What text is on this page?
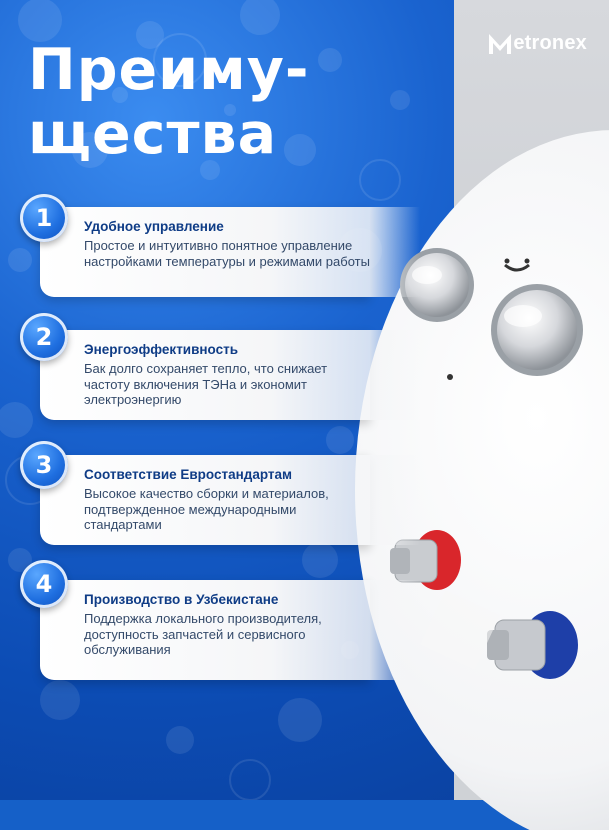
etronex
Преиму-
щества
Удобное управление
Простое и интуитивно понятное управление настройками температуры и режимами работы
1
Энергоэффективность
Бак долго сохраняет тепло, что снижает частоту включения ТЭНа и экономит электроэнергию
2
Соответствие Евростандартам
Высокое качество сборки и материалов, подтвержденное международными стандартами
3
Производство в Узбекистане
Поддержка локального производителя, доступность запчастей и сервисного обслуживания
4
